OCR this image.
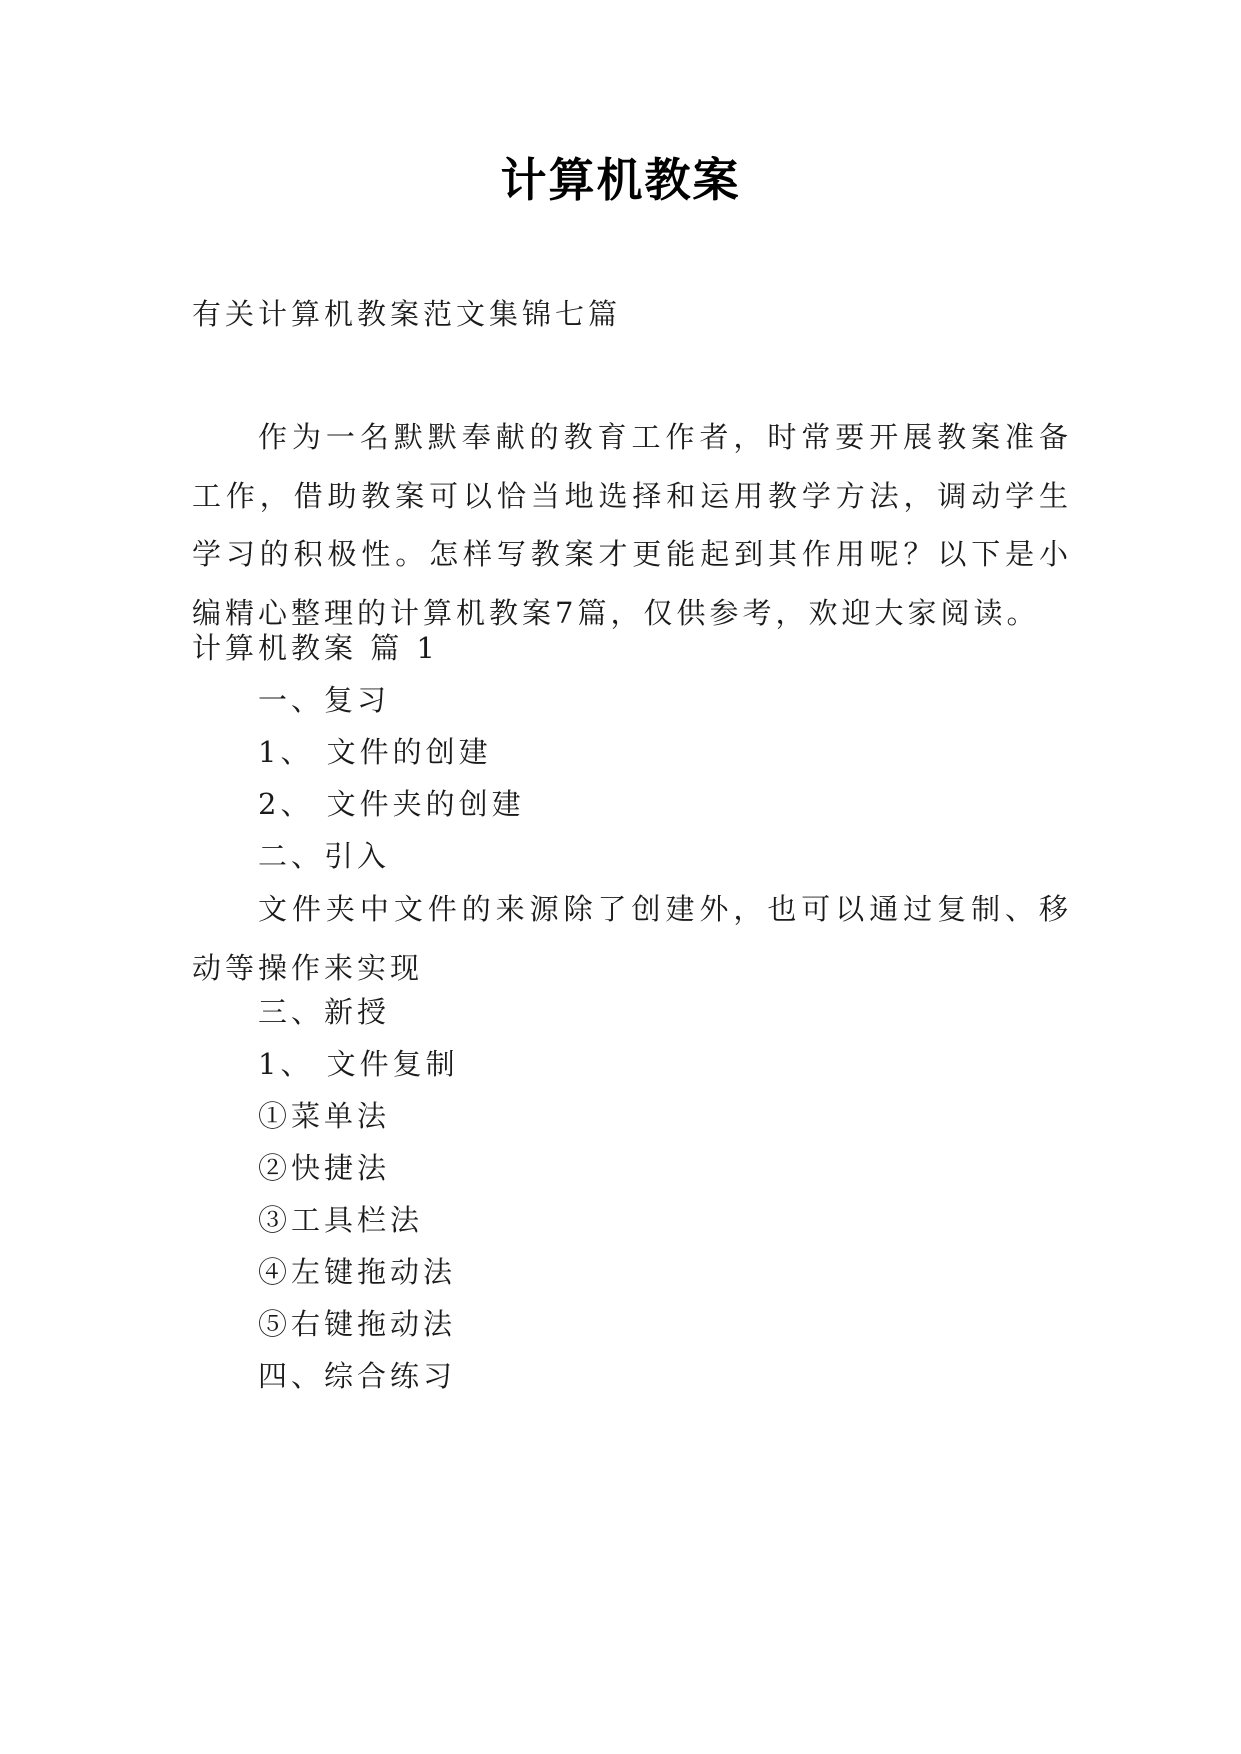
计算机教案
有关计算机教案范文集锦七篇
作为一名默默奉献的教育工作者，时常要开展教案准备工作，借助教案可以恰当地选择和运用教学方法，调动学生学习的积极性。怎样写教案才更能起到其作用呢？以下是小编精心整理的计算机教案7篇，仅供参考，欢迎大家阅读。
计算机教案 篇 1
一、复习
1、 文件的创建
2、 文件夹的创建
二、引入
文件夹中文件的来源除了创建外，也可以通过复制、移动等操作来实现
三、新授
1、 文件复制
①菜单法
②快捷法
③工具栏法
④左键拖动法
⑤右键拖动法
四、综合练习
